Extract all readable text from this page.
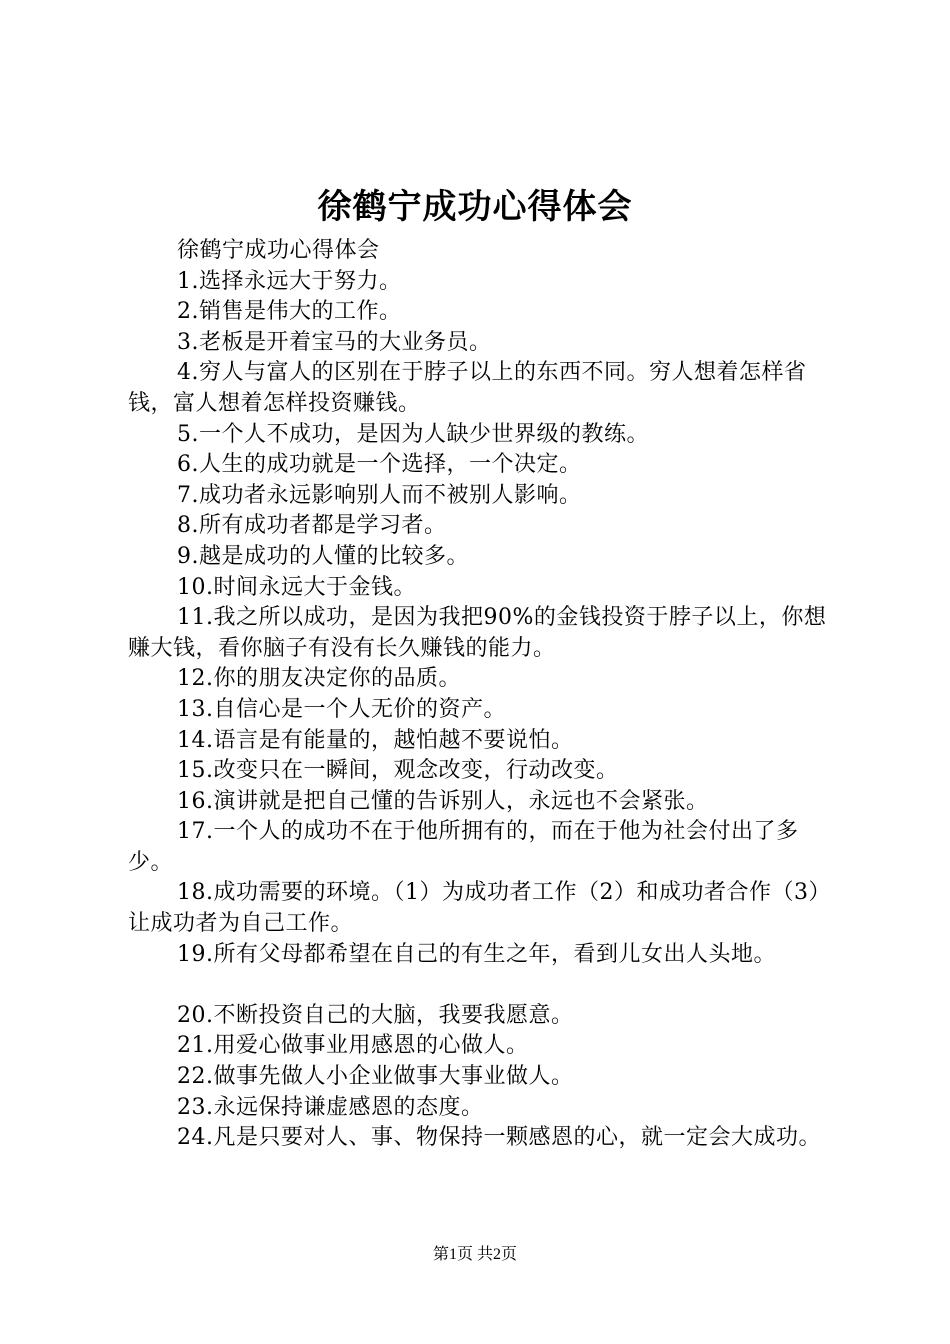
徐鹤宁成功心得体会

徐鹤宁成功心得体会

1.选择永远大于努力。

2.销售是伟大的工作。

3.老板是开着宝马的大业务员。

4.穷人与富人的区别在于脖子以上的东西不同。穷人想着怎样省钱，富人想着怎样投资赚钱。

5.一个人不成功，是因为人缺少世界级的教练。

6.人生的成功就是一个选择，一个决定。

7.成功者永远影响别人而不被别人影响。

8.所有成功者都是学习者。

9.越是成功的人懂的比较多。

10.时间永远大于金钱。

11.我之所以成功，是因为我把90%的金钱投资于脖子以上，你想赚大钱，看你脑子有没有长久赚钱的能力。

12.你的朋友决定你的品质。

13.自信心是一个人无价的资产。

14.语言是有能量的，越怕越不要说怕。

15.改变只在一瞬间，观念改变，行动改变。

16.演讲就是把自己懂的告诉别人，永远也不会紧张。

17.一个人的成功不在于他所拥有的，而在于他为社会付出了多少。

18.成功需要的环境。（1）为成功者工作（2）和成功者合作（3）让成功者为自己工作。

19.所有父母都希望在自己的有生之年，看到儿女出人头地。

20.不断投资自己的大脑，我要我愿意。

21.用爱心做事业用感恩的心做人。

22.做事先做人小企业做事大事业做人。

23.永远保持谦虚感恩的态度。

24.凡是只要对人、事、物保持一颗感恩的心，就一定会大成功。

第1页 共2页
